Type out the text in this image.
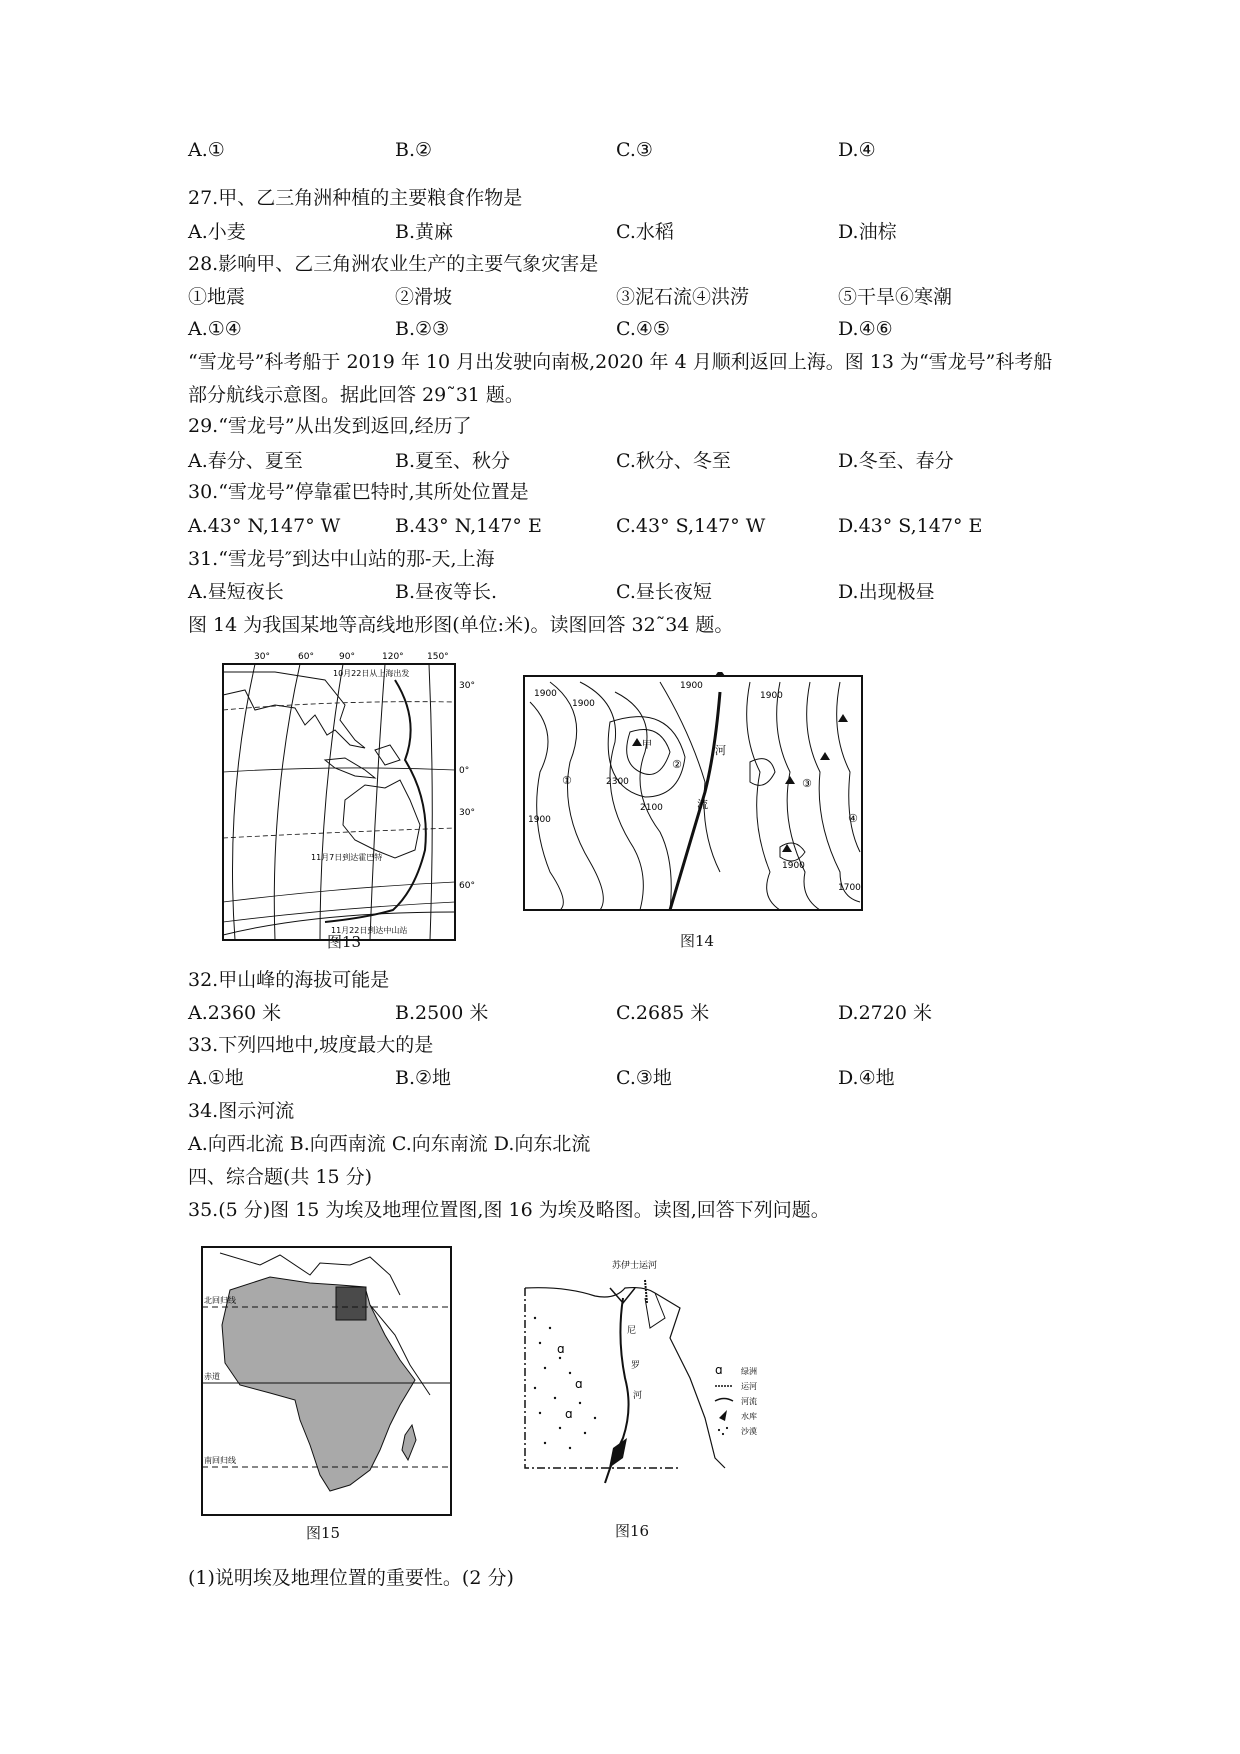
A.①	B.②	C.③	D.④
27.甲、乙三角洲种植的主要粮食作物是
A.小麦	B.黄麻	C.水稻	D.油棕
28.影响甲、乙三角洲农业生产的主要气象灾害是
①地震	②滑坡	③泥石流④洪涝	⑤干旱⑥寒潮
A.①④	B.②③	C.④⑤	D.④⑥
“雪龙号”科考船于 2019 年 10 月出发驶向南极,2020 年 4 月顺利返回上海。图 13 为“雪龙号”科考船部分航线示意图。据此回答 29˜31 题。
29.“雪龙号”从出发到返回,经历了
A.春分、夏至	B.夏至、秋分	C.秋分、冬至	D.冬至、春分
30.“雪龙号”停靠霍巴特时,其所处位置是
A.43° N,147° W	B.43° N,147° E	C.43° S,147° W	D.43° S,147° E
31.“雪龙号″到达中山站的那-天,上海
A.昼短夜长	B.昼夜等长.	C.昼长夜短	D.出现极昼
图 14 为我国某地等高线地形图(单位:米)。读图回答 32˜34 题。
30°	60°	90°	120°	150°
30°
0°
30°
60°
10月22日从上海出发
11月7日到达霍巴特
11月22日到达中山站
图13
1900
1900
1900
2100
2300
1900
1900
1900
1700
甲
①
②
③
④
河
流
图14
32.甲山峰的海拔可能是
A.2360 米	B.2500 米	C.2685 米	D.2720 米
33.下列四地中,坡度最大的是
A.①地	B.②地	C.③地	D.④地
34.图示河流
A.向西北流 B.向西南流 C.向东南流 D.向东北流
四、综合题(共 15 分)
35.(5 分)图 15 为埃及地理位置图,图 16 为埃及略图。读图,回答下列问题。
北回归线
赤道
南回归线
图15
苏伊士运河
ɑ
ɑ
ɑ
尼
罗
河
ɑ 绿洲
运河
河流
水库
沙漠
图16
(1)说明埃及地理位置的重要性。(2 分)
